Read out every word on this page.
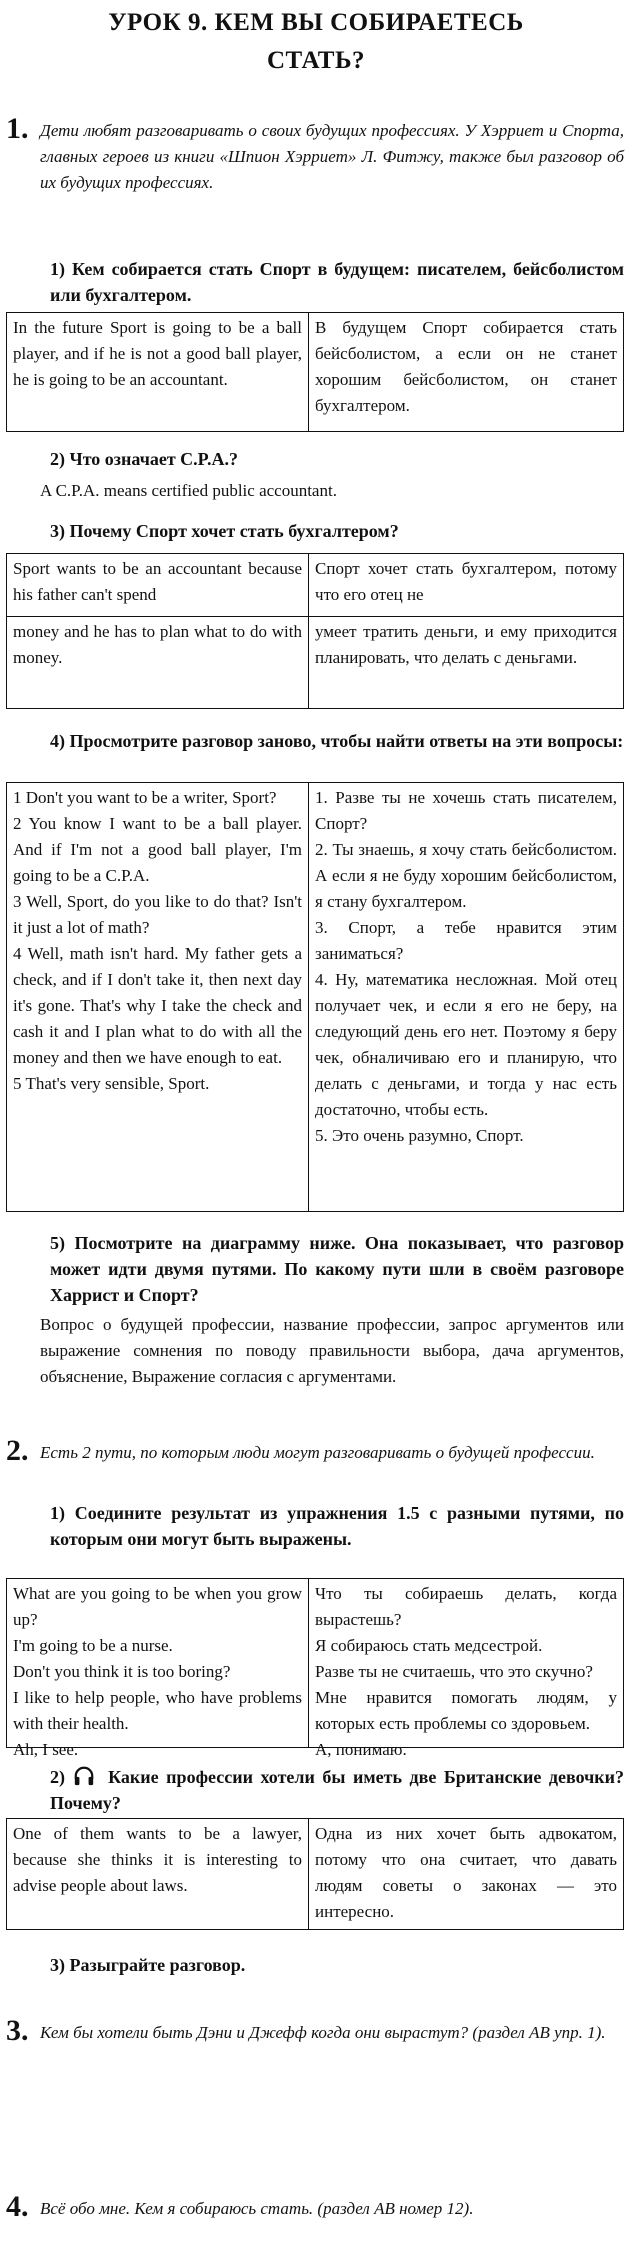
УРОК 9. КЕМ ВЫ СОБИРАЕТЕСЬ
СТАТЬ?
1. Дети любят разговаривать о своих будущих профессиях. У Хэрриет и Спорта, главных героев из книги «Шпион Хэрриет» Л. Фитжу, также был разговор об их будущих профессиях.
1) Кем собирается стать Спорт в будущем: писателем, бейсболистом или бухгалтером.
In the future Sport is going to be a ball player, and if he is not a good ball player, he is going to be an accountant.
В будущем Спорт собирается стать бейсболистом, а если он не станет хорошим бейсболистом, он станет бухгалтером.
2) Что означает C.P.A.?
A C.P.A. means certified public accountant.
3) Почему Спорт хочет стать бухгалтером?
Sport wants to be an accountant because his father can't spend
Спорт хочет стать бухгалтером, потому что его отец не
money and he has to plan what to do with money.
умеет тратить деньги, и ему приходится планировать, что делать с деньгами.
4) Просмотрите разговор заново, чтобы найти ответы на эти вопросы:
1 Don't you want to be a writer, Sport?
2 You know I want to be a ball player. And if I'm not a good ball player, I'm going to be a C.P.A.
3 Well, Sport, do you like to do that? Isn't it just a lot of math?
4 Well, math isn't hard. My father gets a check, and if I don't take it, then next day it's gone. That's why I take the check and cash it and I plan what to do with all the money and then we have enough to eat.
5 That's very sensible, Sport.
1. Разве ты не хочешь стать писателем, Спорт?
2. Ты знаешь, я хочу стать бейсболистом. А если я не буду хорошим бейсболистом, я стану бухгалтером.
3. Спорт, а тебе нравится этим заниматься?
4. Ну, математика несложная. Мой отец получает чек, и если я его не беру, на следующий день его нет. Поэтому я беру чек, обналичиваю его и планирую, что делать с деньгами, и тогда у нас есть достаточно, чтобы есть.
5. Это очень разумно, Спорт.
5) Посмотрите на диаграмму ниже. Она показывает, что разговор может идти двумя путями. По какому пути шли в своём разговоре Харрист и Спорт?
Вопрос о будущей профессии, название профессии, запрос аргументов или выражение сомнения по поводу правильности выбора, дача аргументов, объяснение, Выражение согласия с аргументами.
2. Есть 2 пути, по которым люди могут разговаривать о будущей профессии.
1) Соедините результат из упражнения 1.5 с разными путями, по которым они могут быть выражены.
What are you going to be when you grow up?
I'm going to be a nurse.
Don't you think it is too boring?
I like to help people, who have problems with their health.
Ah, I see.
Что ты собираешь делать, когда вырастешь?
Я собираюсь стать медсестрой.
Разве ты не считаешь, что это скучно?
Мне нравится помогать людям, у которых есть проблемы со здоровьем.
А, понимаю.
2) Какие профессии хотели бы иметь две Британские девочки? Почему?
One of them wants to be a lawyer, because she thinks it is interesting to advise people about laws.
Одна из них хочет быть адвокатом, потому что она считает, что давать людям советы о законах — это интересно.
3) Разыграйте разговор.
3. Кем бы хотели быть Дэни и Джефф когда они вырастут? (раздел AB упр. 1).
4. Всё обо мне. Кем я собираюсь стать. (раздел AB номер 12).
